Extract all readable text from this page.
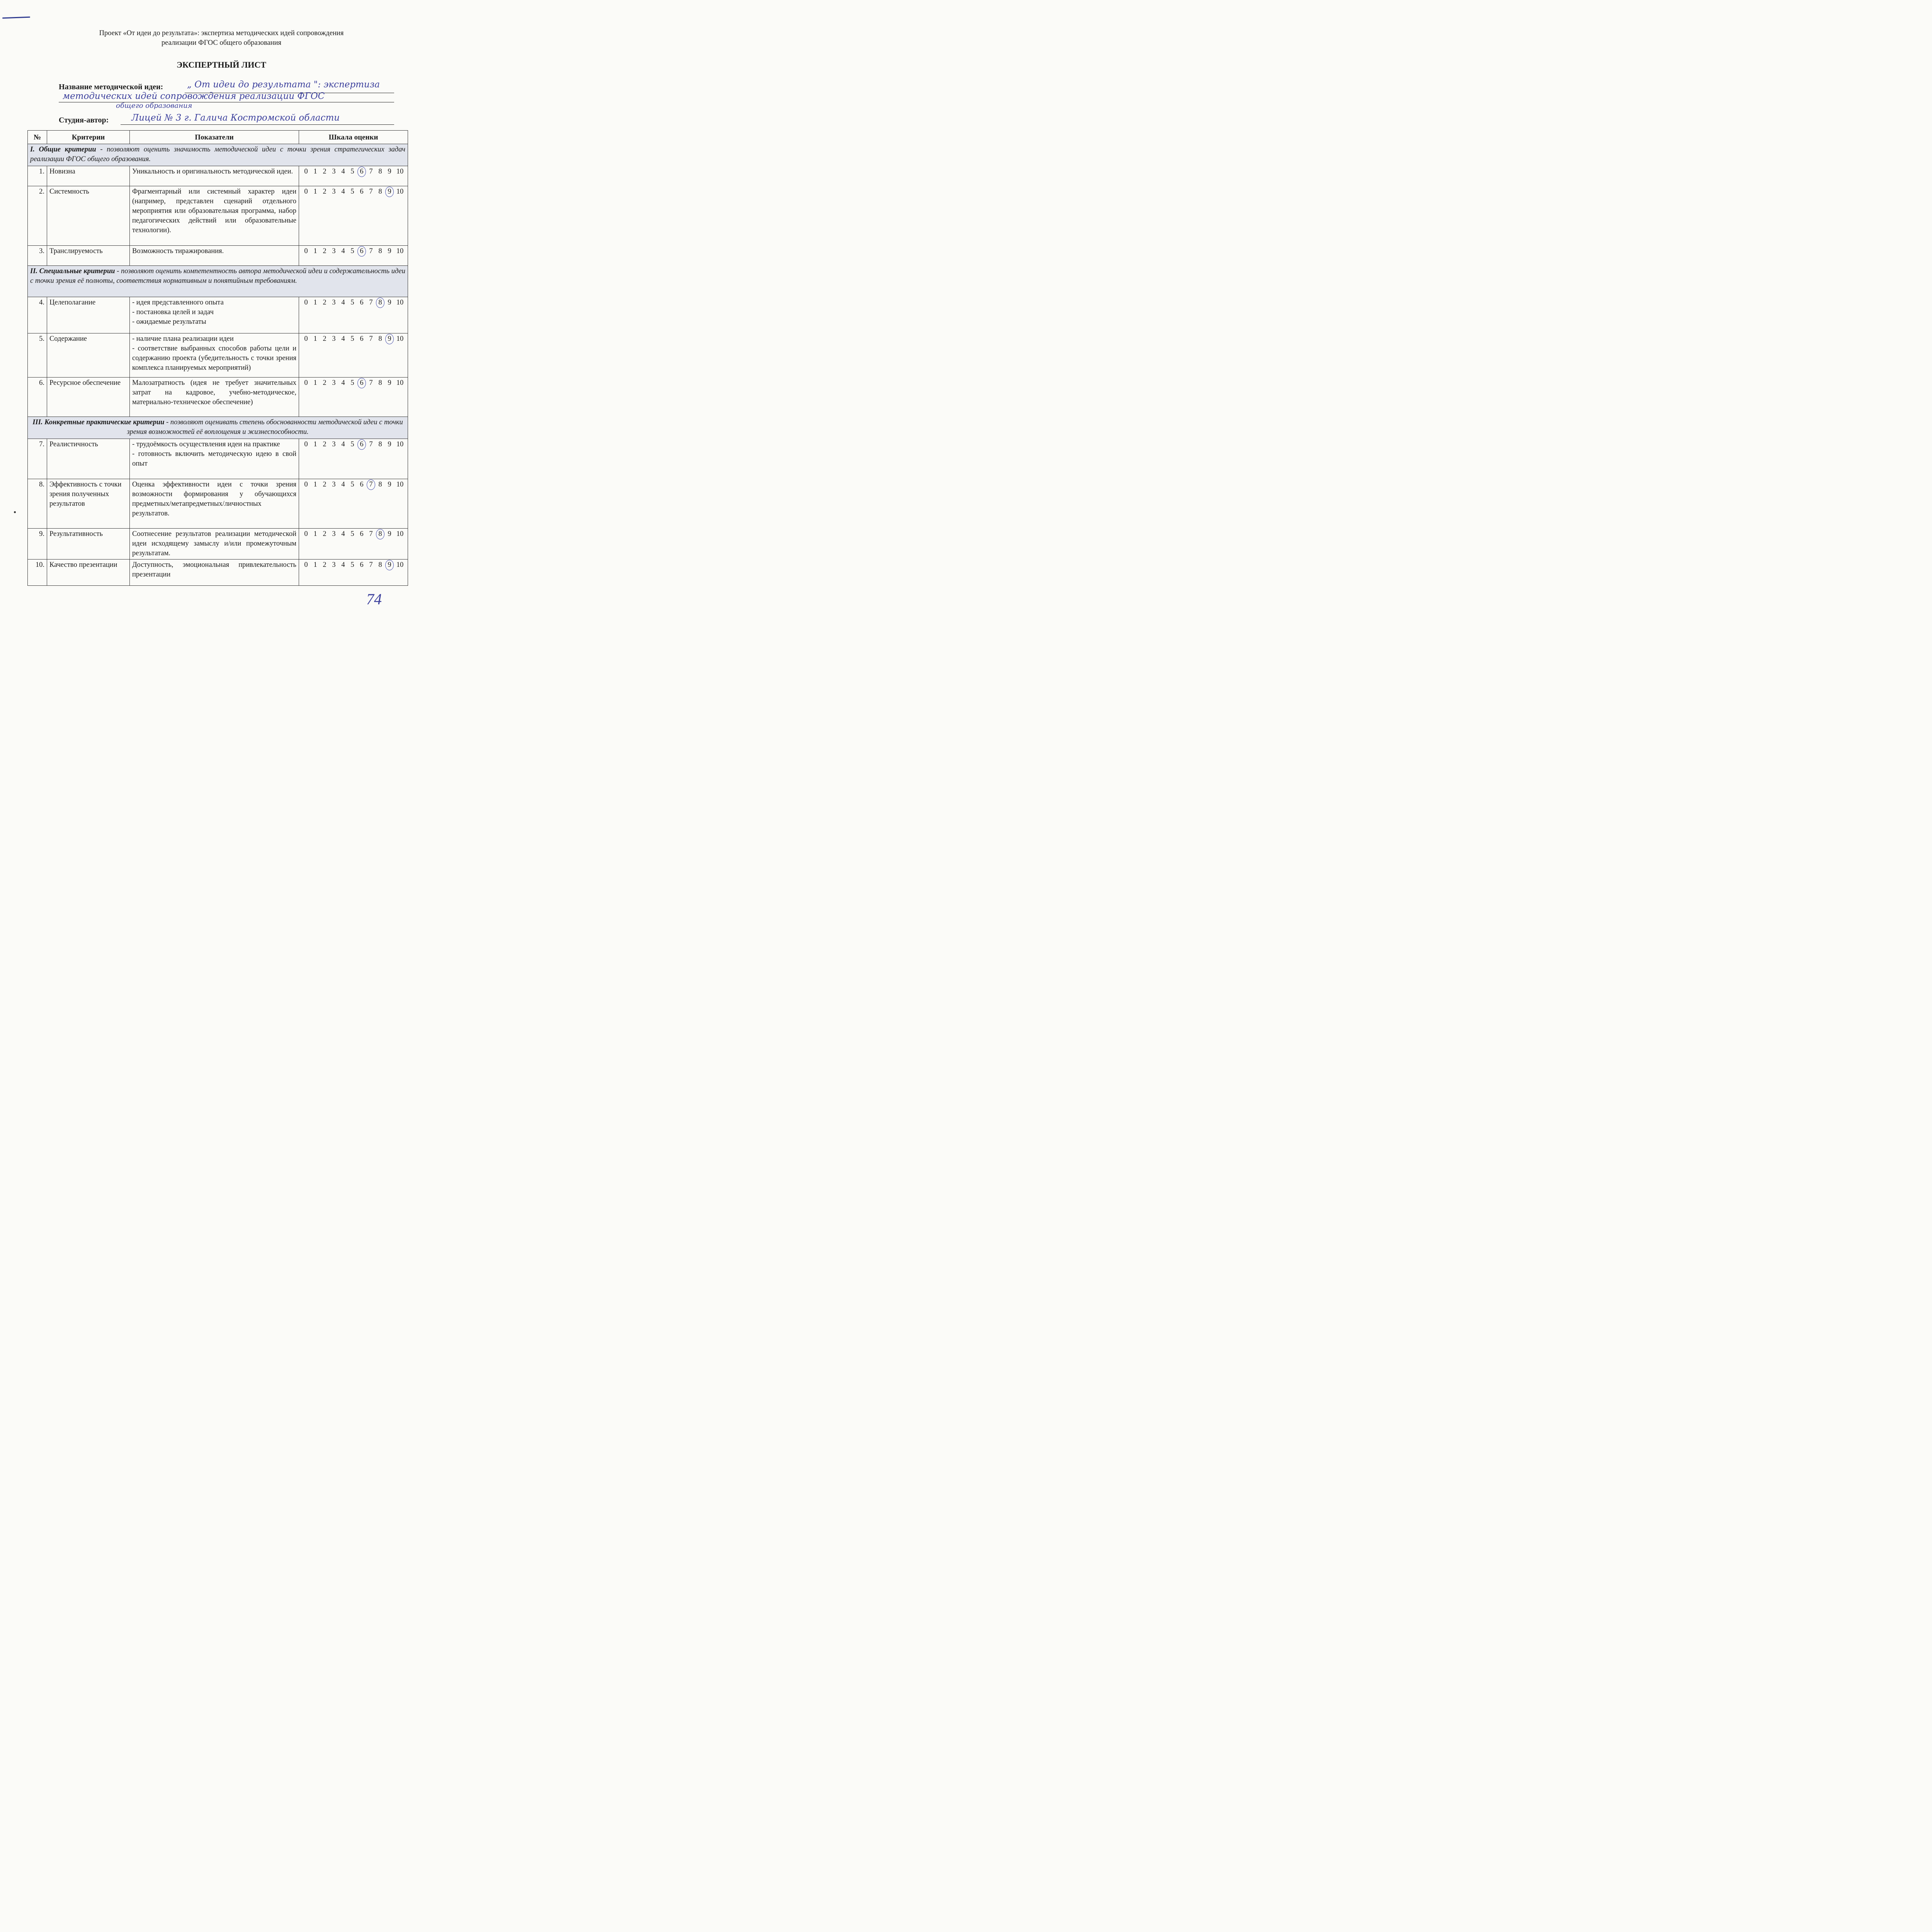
Проект «От идеи до результата»: экспертиза методических идей сопровождения
реализации ФГОС общего образования
ЭКСПЕРТНЫЙ ЛИСТ
Название методической идеи:	„ От идеи до результата ": экспертиза
методических идей сопровождения реализации ФГОС
общего образования
Студия-автор:	Лицей № 3 г. Галича Костромской области
№	Критерии	Показатели	Шкала оценки
I. Общие критерии - позволяют оценить значимость методической идеи с точки зрения стратегических задач реализации ФГОС общего образования.			
1.	Новизна	Уникальность и оригинальность методической идеи.	0 1 2 3 4 5 6 7 8 9 10
2.	Системность	Фрагментарный или системный характер идеи (например, представлен сценарий отдельного мероприятия или образовательная программа, набор педагогических действий или образовательные технологии).	0 1 2 3 4 5 6 7 8 9 10
3.	Транслируемость	Возможность тиражирования.	0 1 2 3 4 5 6 7 8 9 10
II. Специальные критерии - позволяют оценить компетентность автора методической идеи и содержательность идеи с точки зрения её полноты, соответствия нормативным и понятийным требованиям.			
4.	Целеполагание	- идея представленного опыта
- постановка целей и задач
- ожидаемые результаты	0 1 2 3 4 5 6 7 8 9 10
5.	Содержание	- наличие плана реализации идеи
- соответствие выбранных способов работы цели и содержанию проекта (убедительность с точки зрения комплекса планируемых мероприятий)	0 1 2 3 4 5 6 7 8 9 10
6.	Ресурсное обеспечение	Малозатратность (идея не требует значительных затрат на кадровое, учебно-методическое, материально-техническое обеспечение)	0 1 2 3 4 5 6 7 8 9 10
III. Конкретные практические критерии - позволяют оценивать степень обоснованности методической идеи с точки зрения возможностей её воплощения и жизнеспособности.			
7.	Реалистичность	- трудоёмкость осуществления идеи на практике
- готовность включить методическую идею в свой опыт	0 1 2 3 4 5 6 7 8 9 10
8.	Эффективность с точки зрения полученных результатов	Оценка эффективности идеи с точки зрения возможности формирования у обучающихся предметных/метапредметных/личностных результатов.	0 1 2 3 4 5 6 7 8 9 10
9.	Результативность	Соотнесение результатов реализации методической идеи исходящему замыслу и/или промежуточным результатам.	0 1 2 3 4 5 6 7 8 9 10
10.	Качество презентации	Доступность, эмоциональная привлекательность презентации	0 1 2 3 4 5 6 7 8 9 10
74
